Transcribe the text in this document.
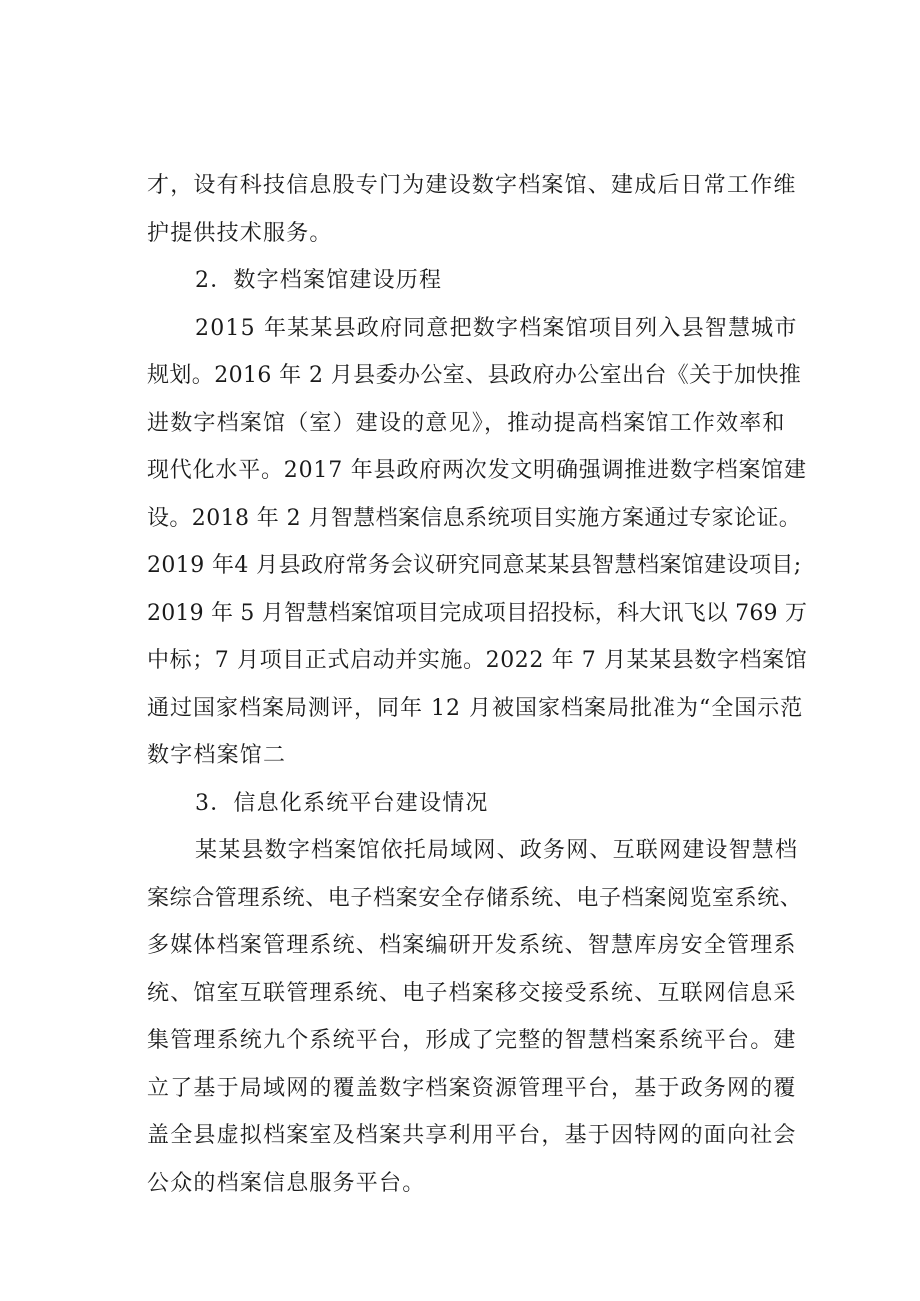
才，设有科技信息股专门为建设数字档案馆、建成后日常工作维
护提供技术服务。
2．数字档案馆建设历程
2015 年某某县政府同意把数字档案馆项目列入县智慧城市
规划。2016 年 2 月县委办公室、县政府办公室出台《关于加快推
进数字档案馆（室）建设的意见》，推动提高档案馆工作效率和
现代化水平。2017 年县政府两次发文明确强调推进数字档案馆建
设。2018 年 2 月智慧档案信息系统项目实施方案通过专家论证。
2019 年4 月县政府常务会议研究同意某某县智慧档案馆建设项目;
2019 年 5 月智慧档案馆项目完成项目招投标，科大讯飞以 769 万
中标；7 月项目正式启动并实施。2022 年 7 月某某县数字档案馆
通过国家档案局测评，同年 12 月被国家档案局批准为“全国示范
数字档案馆二
3．信息化系统平台建设情况
某某县数字档案馆依托局域网、政务网、互联网建设智慧档
案综合管理系统、电子档案安全存储系统、电子档案阅览室系统、
多媒体档案管理系统、档案编研开发系统、智慧库房安全管理系
统、馆室互联管理系统、电子档案移交接受系统、互联网信息采
集管理系统九个系统平台，形成了完整的智慧档案系统平台。建
立了基于局域网的覆盖数字档案资源管理平台，基于政务网的覆
盖全县虚拟档案室及档案共享利用平台，基于因特网的面向社会
公众的档案信息服务平台。
